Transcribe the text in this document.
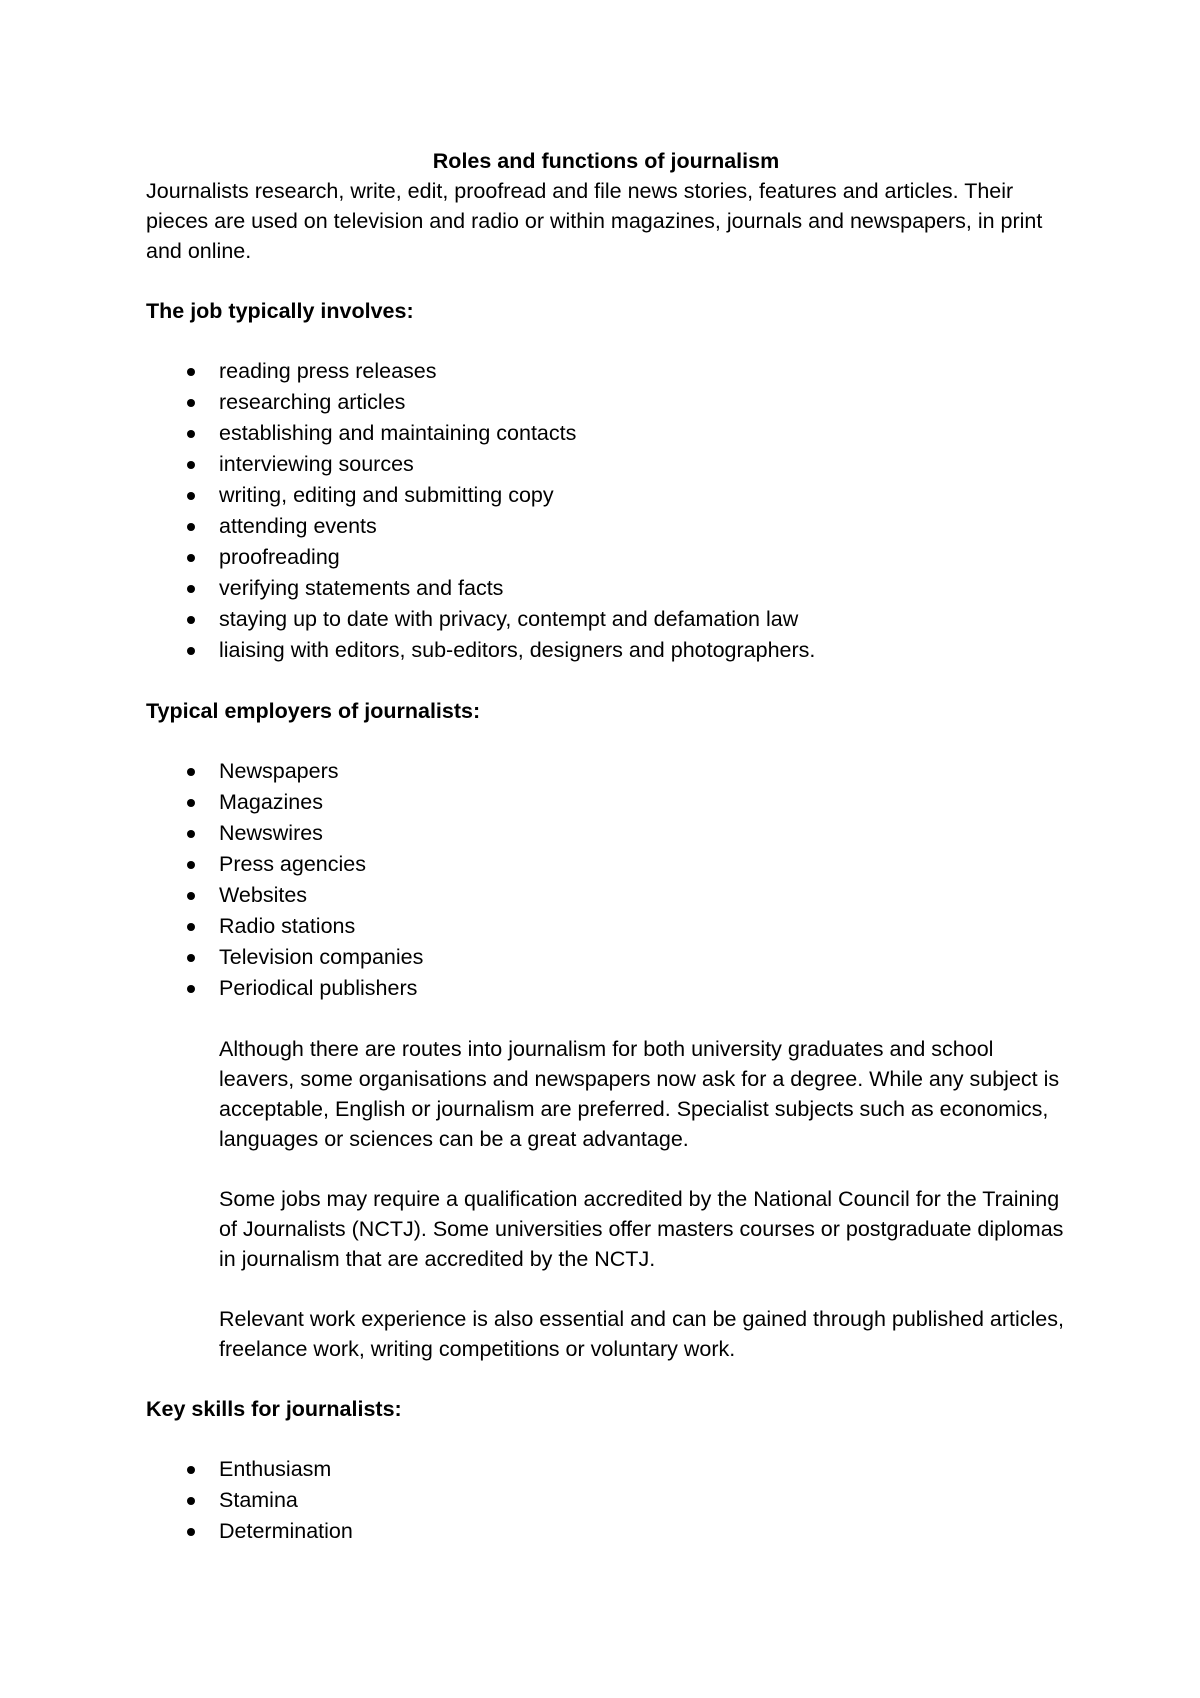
Roles and functions of journalism

Journalists research, write, edit, proofread and file news stories, features and articles. Their pieces are used on television and radio or within magazines, journals and newspapers, in print and online.

The job typically involves:
reading press releases
researching articles
establishing and maintaining contacts
interviewing sources
writing, editing and submitting copy
attending events
proofreading
verifying statements and facts
staying up to date with privacy, contempt and defamation law
liaising with editors, sub-editors, designers and photographers.
Typical employers of journalists:
Newspapers
Magazines
Newswires
Press agencies
Websites
Radio stations
Television companies
Periodical publishers

Although there are routes into journalism for both university graduates and school leavers, some organisations and newspapers now ask for a degree. While any subject is acceptable, English or journalism are preferred. Specialist subjects such as economics, languages or sciences can be a great advantage.

Some jobs may require a qualification accredited by the National Council for the Training of Journalists (NCTJ). Some universities offer masters courses or postgraduate diplomas in journalism that are accredited by the NCTJ.

Relevant work experience is also essential and can be gained through published articles, freelance work, writing competitions or voluntary work.

Key skills for journalists:
Enthusiasm
Stamina
Determination
